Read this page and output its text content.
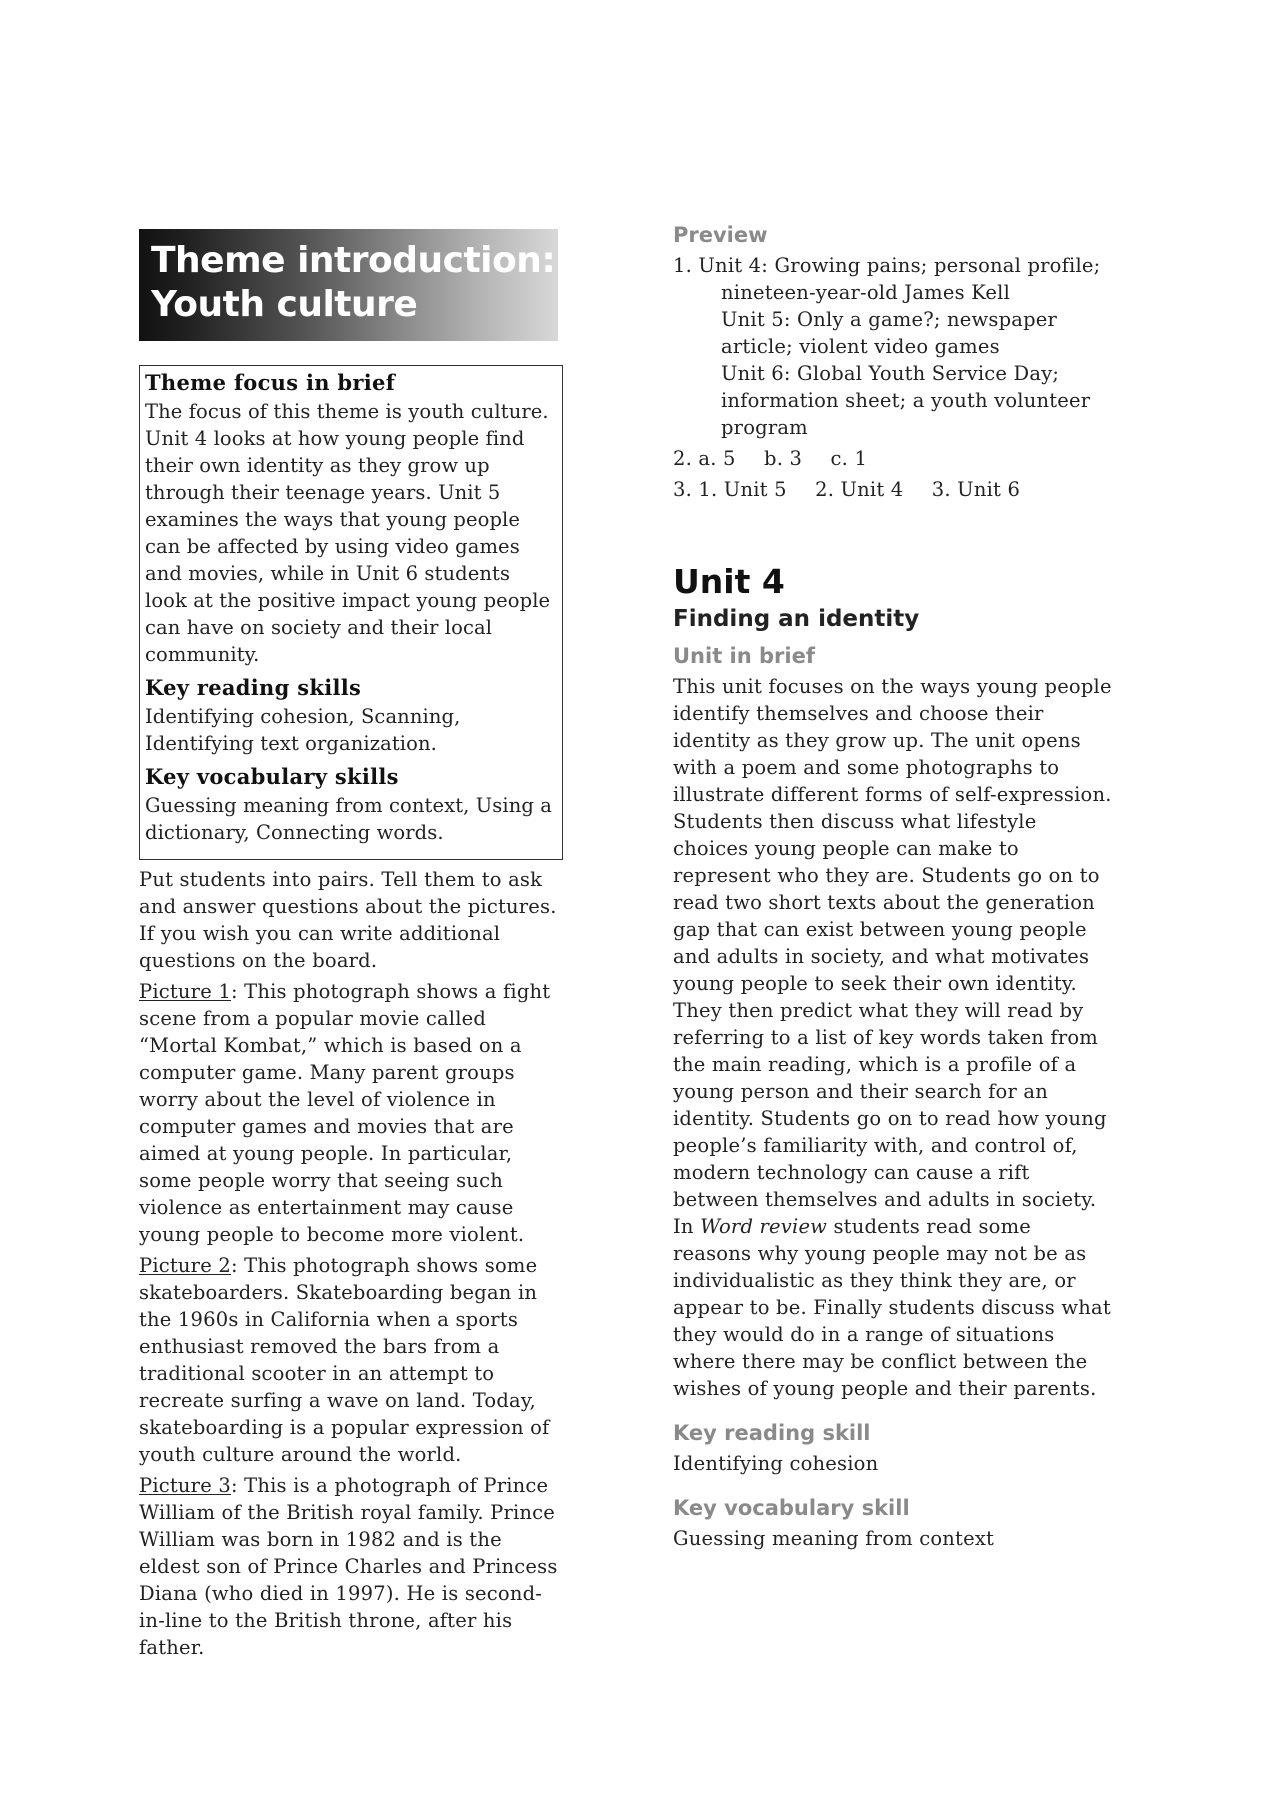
Theme introduction:
Youth culture
Theme focus in brief

The focus of this theme is youth culture. Unit 4 looks at how young people find their own identity as they grow up through their teenage years. Unit 5 examines the ways that young people can be affected by using video games and movies, while in Unit 6 students look at the positive impact young people can have on society and their local community.

Key reading skills

Identifying cohesion, Scanning, Identifying text organization.

Key vocabulary skills

Guessing meaning from context, Using a dictionary, Connecting words.

Put students into pairs. Tell them to ask and answer questions about the pictures. If you wish you can write additional questions on the board.

Picture 1: This photograph shows a fight scene from a popular movie called “Mortal Kombat,” which is based on a computer game. Many parent groups worry about the level of violence in computer games and movies that are aimed at young people. In particular, some people worry that seeing such violence as entertainment may cause young people to become more violent.

Picture 2: This photograph shows some skateboarders. Skateboarding began in the 1960s in California when a sports enthusiast removed the bars from a traditional scooter in an attempt to recreate surfing a wave on land. Today, skateboarding is a popular expression of youth culture around the world.

Picture 3: This is a photograph of Prince William of the British royal family. Prince William was born in 1982 and is the eldest son of Prince Charles and Princess Diana (who died in 1997). He is second-in-line to the British throne, after his father.

Preview
1. Unit 4: Growing pains; personal profile;
nineteen-year-old James Kell
Unit 5: Only a game?; newspaper
article; violent video games
Unit 6: Global Youth Service Day;
information sheet; a youth volunteer
program
2. a. 5 b. 3 c. 1
3. 1. Unit 5 2. Unit 4 3. Unit 6
Unit 4
Finding an identity
Unit in brief

This unit focuses on the ways young people identify themselves and choose their identity as they grow up. The unit opens with a poem and some photographs to illustrate different forms of self-expression. Students then discuss what lifestyle choices young people can make to represent who they are. Students go on to read two short texts about the generation gap that can exist between young people and adults in society, and what motivates young people to seek their own identity. They then predict what they will read by referring to a list of key words taken from the main reading, which is a profile of a young person and their search for an identity. Students go on to read how young people’s familiarity with, and control of, modern technology can cause a rift between themselves and adults in society. In Word review students read some reasons why young people may not be as individualistic as they think they are, or appear to be. Finally students discuss what they would do in a range of situations where there may be conflict between the wishes of young people and their parents.

Key reading skill

Identifying cohesion

Key vocabulary skill

Guessing meaning from context
